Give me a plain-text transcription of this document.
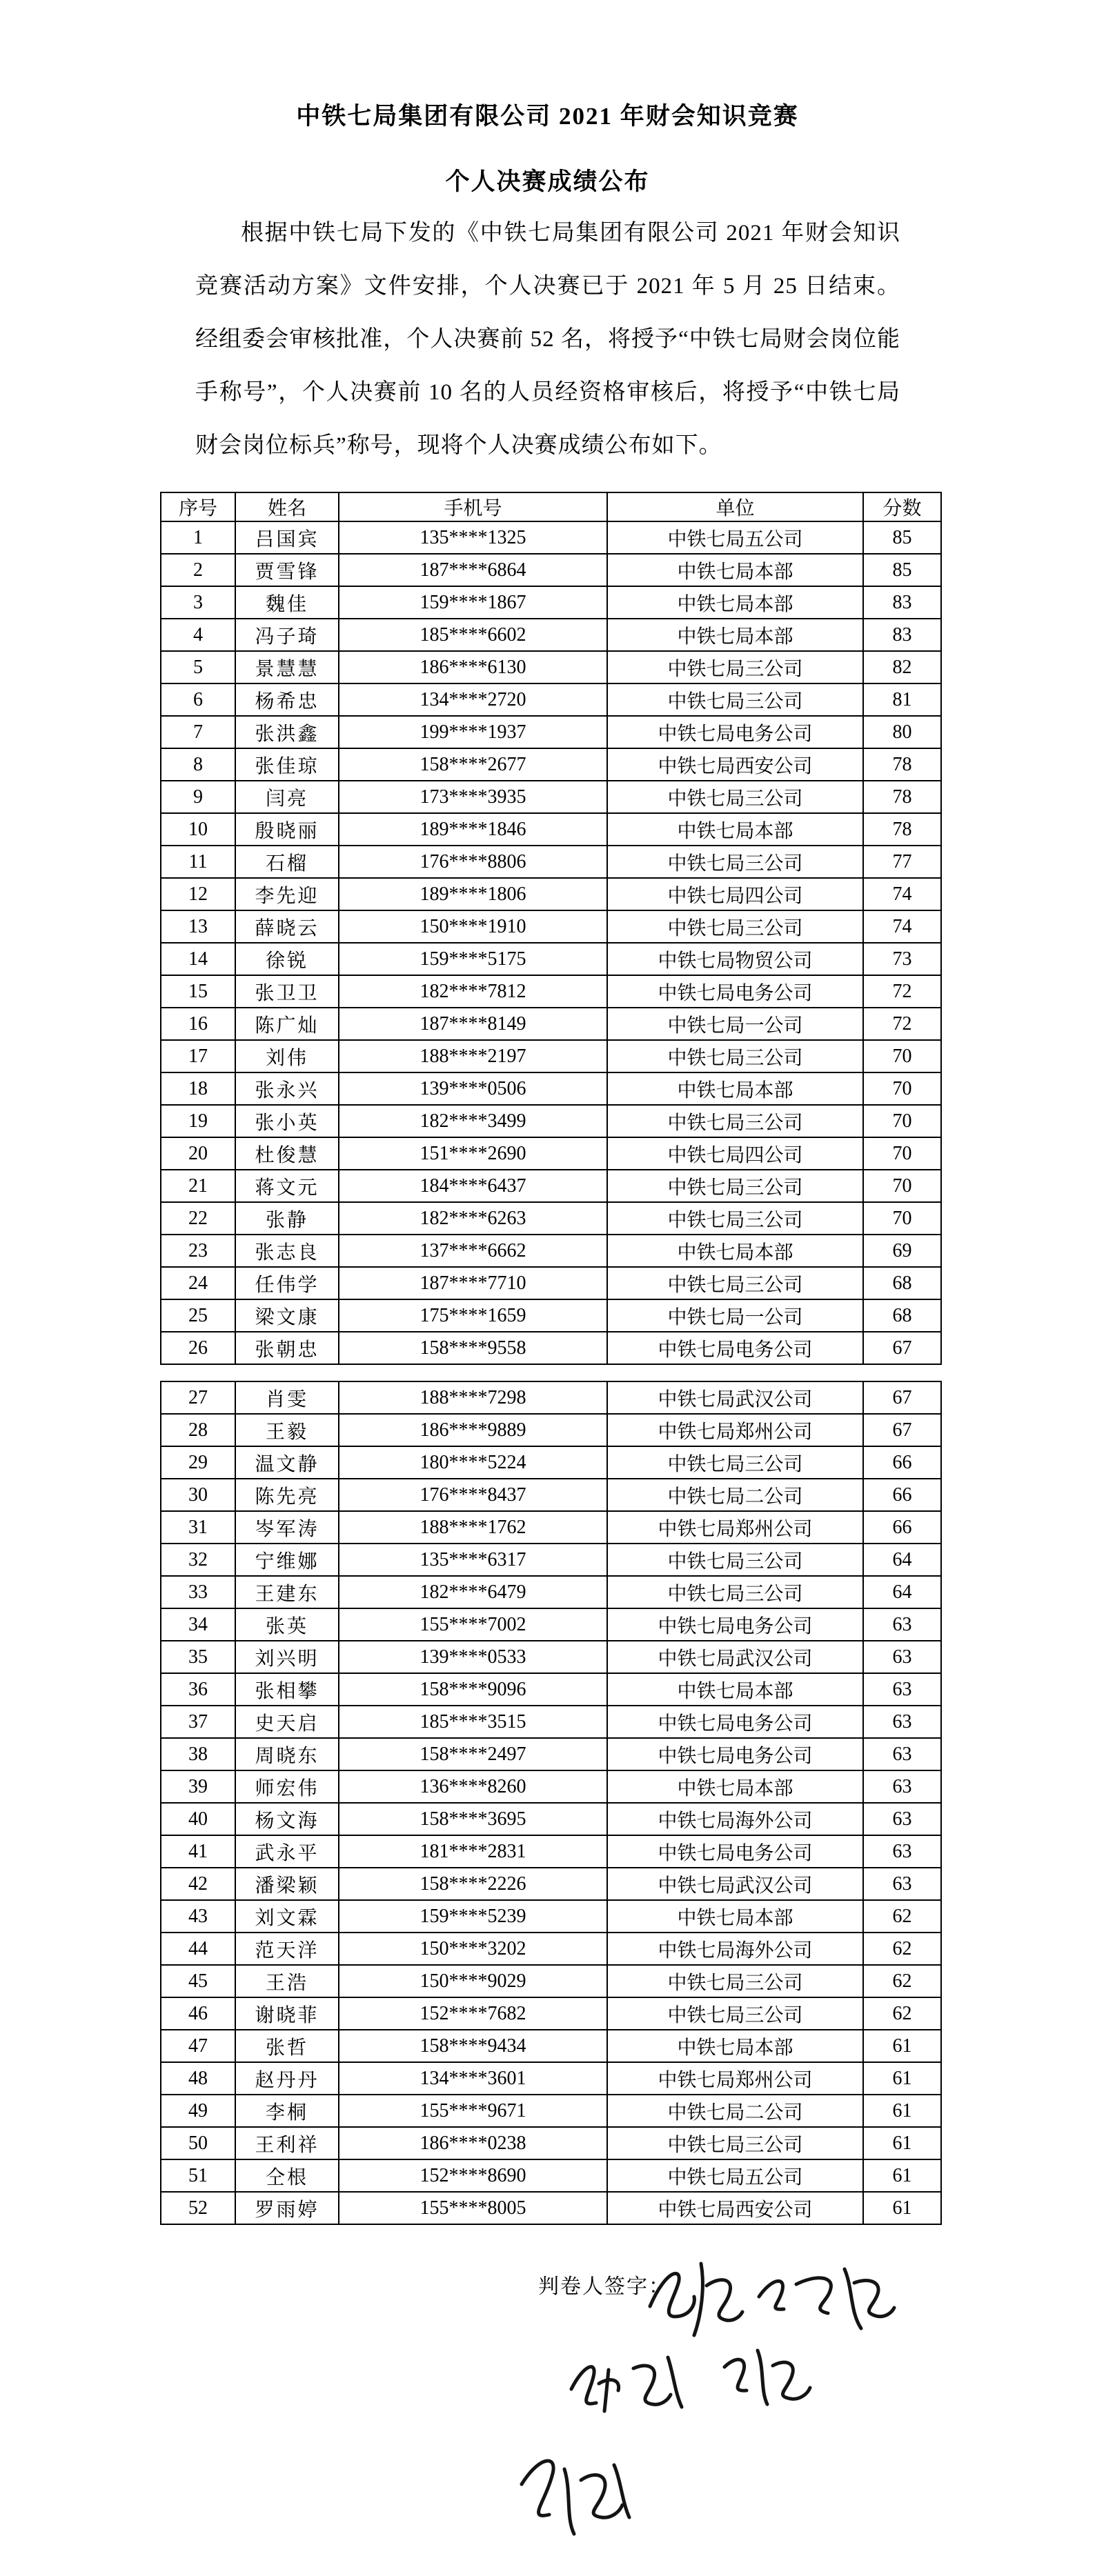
中铁七局集团有限公司 2021 年财会知识竞赛
个人决赛成绩公布
根据中铁七局下发的《中铁七局集团有限公司 2021 年财会知识竞赛活动方案》文件安排，个人决赛已于 2021 年 5 月 25 日结束。经组委会审核批准，个人决赛前 52 名，将授予“中铁七局财会岗位能手称号”，个人决赛前 10 名的人员经资格审核后，将授予“中铁七局财会岗位标兵”称号，现将个人决赛成绩公布如下。
序号	姓名	手机号	单位	分数
1	吕国宾	135****1325	中铁七局五公司	85
2	贾雪锋	187****6864	中铁七局本部	85
3	魏佳	159****1867	中铁七局本部	83
4	冯子琦	185****6602	中铁七局本部	83
5	景慧慧	186****6130	中铁七局三公司	82
6	杨希忠	134****2720	中铁七局三公司	81
7	张洪鑫	199****1937	中铁七局电务公司	80
8	张佳琼	158****2677	中铁七局西安公司	78
9	闫亮	173****3935	中铁七局三公司	78
10	殷晓丽	189****1846	中铁七局本部	78
11	石榴	176****8806	中铁七局三公司	77
12	李先迎	189****1806	中铁七局四公司	74
13	薛晓云	150****1910	中铁七局三公司	74
14	徐锐	159****5175	中铁七局物贸公司	73
15	张卫卫	182****7812	中铁七局电务公司	72
16	陈广灿	187****8149	中铁七局一公司	72
17	刘伟	188****2197	中铁七局三公司	70
18	张永兴	139****0506	中铁七局本部	70
19	张小英	182****3499	中铁七局三公司	70
20	杜俊慧	151****2690	中铁七局四公司	70
21	蒋文元	184****6437	中铁七局三公司	70
22	张静	182****6263	中铁七局三公司	70
23	张志良	137****6662	中铁七局本部	69
24	任伟学	187****7710	中铁七局三公司	68
25	梁文康	175****1659	中铁七局一公司	68
26	张朝忠	158****9558	中铁七局电务公司	67
27	肖雯	188****7298	中铁七局武汉公司	67
28	王毅	186****9889	中铁七局郑州公司	67
29	温文静	180****5224	中铁七局三公司	66
30	陈先亮	176****8437	中铁七局二公司	66
31	岑军涛	188****1762	中铁七局郑州公司	66
32	宁维娜	135****6317	中铁七局三公司	64
33	王建东	182****6479	中铁七局三公司	64
34	张英	155****7002	中铁七局电务公司	63
35	刘兴明	139****0533	中铁七局武汉公司	63
36	张相攀	158****9096	中铁七局本部	63
37	史天启	185****3515	中铁七局电务公司	63
38	周晓东	158****2497	中铁七局电务公司	63
39	师宏伟	136****8260	中铁七局本部	63
40	杨文海	158****3695	中铁七局海外公司	63
41	武永平	181****2831	中铁七局电务公司	63
42	潘梁颖	158****2226	中铁七局武汉公司	63
43	刘文霖	159****5239	中铁七局本部	62
44	范天洋	150****3202	中铁七局海外公司	62
45	王浩	150****9029	中铁七局三公司	62
46	谢晓菲	152****7682	中铁七局三公司	62
47	张哲	158****9434	中铁七局本部	61
48	赵丹丹	134****3601	中铁七局郑州公司	61
49	李桐	155****9671	中铁七局二公司	61
50	王利祥	186****0238	中铁七局三公司	61
51	仝根	152****8690	中铁七局五公司	61
52	罗雨婷	155****8005	中铁七局西安公司	61
判卷人签字：
